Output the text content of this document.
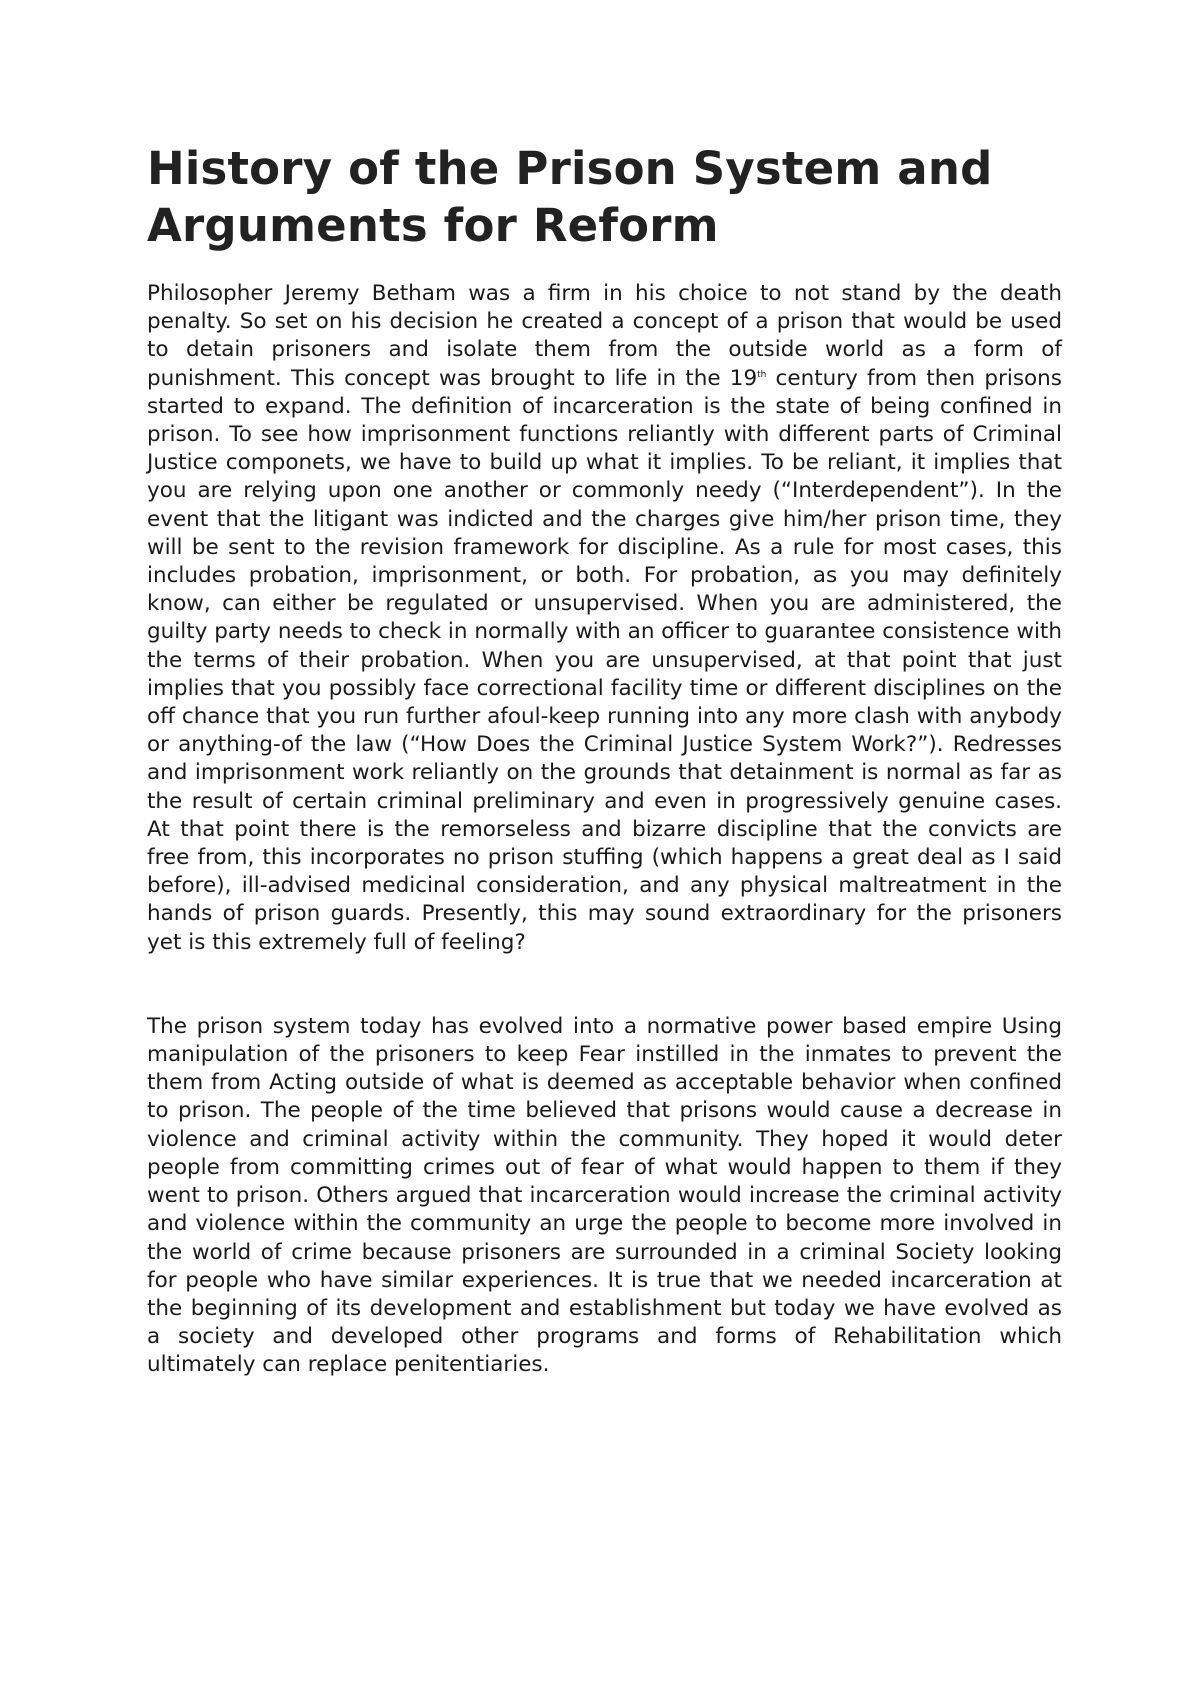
History of the Prison System and
Arguments for Reform

Philosopher Jeremy Betham was a firm in his choice to not stand by the death penalty. So set on his decision he created a concept of a prison that would be used to detain prisoners and isolate them from the outside world as a form of punishment. This concept was brought to life in the 19th century from then prisons started to expand. The definition of incarceration is the state of being confined in prison. To see how imprisonment functions reliantly with different parts of Criminal Justice componets, we have to build up what it implies. To be reliant, it implies that you are relying upon one another or commonly needy (“Interdependent”). In the event that the litigant was indicted and the charges give him/her prison time, they will be sent to the revision framework for discipline. As a rule for most cases, this includes probation, imprisonment, or both. For probation, as you may definitely know, can either be regulated or unsupervised. When you are administered, the guilty party needs to check in normally with an officer to guarantee consistence with the terms of their probation. When you are unsupervised, at that point that just implies that you possibly face correctional facility time or different disciplines on the off chance that you run further afoul-keep running into any more clash with anybody or anything-of the law (“How Does the Criminal Justice System Work?”). Redresses and imprisonment work reliantly on the grounds that detainment is normal as far as the result of certain criminal preliminary and even in progressively genuine cases. At that point there is the remorseless and bizarre discipline that the convicts are free from, this incorporates no prison stuffing (which happens a great deal as I said before), ill-advised medicinal consideration, and any physical maltreatment in the hands of prison guards. Presently, this may sound extraordinary for the prisoners yet is this extremely full of feeling?

The prison system today has evolved into a normative power based empire Using manipulation of the prisoners to keep Fear instilled in the inmates to prevent the them from Acting outside of what is deemed as acceptable behavior when confined to prison. The people of the time believed that prisons would cause a decrease in violence and criminal activity within the community. They hoped it would deter people from committing crimes out of fear of what would happen to them if they went to prison. Others argued that incarceration would increase the criminal activity and violence within the community an urge the people to become more involved in the world of crime because prisoners are surrounded in a criminal Society looking for people who have similar experiences. It is true that we needed incarceration at the beginning of its development and establishment but today we have evolved as a society and developed other programs and forms of Rehabilitation which ultimately can replace penitentiaries.
